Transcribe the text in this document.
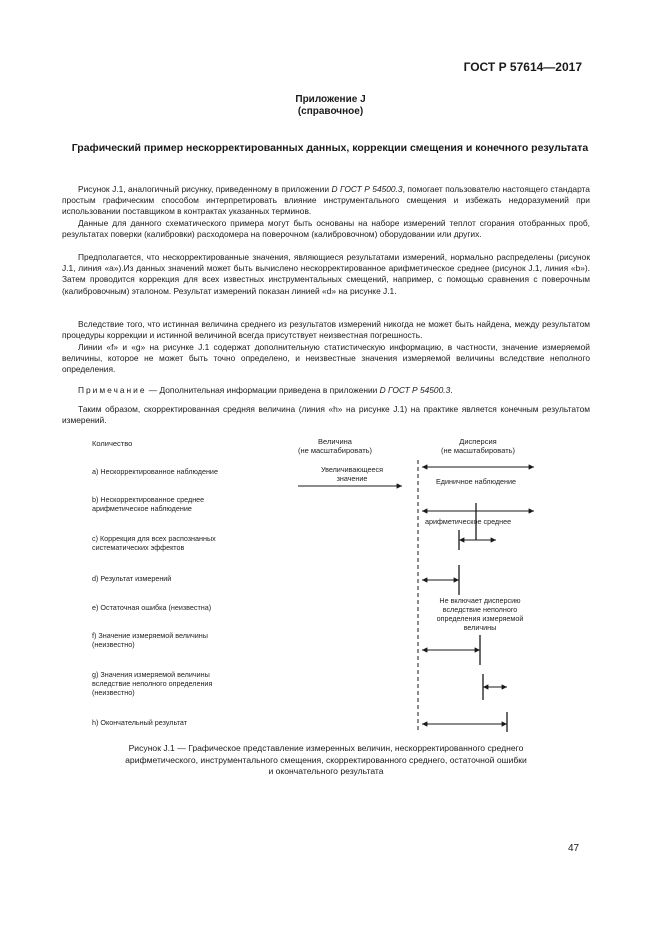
ГОСТ Р 57614—2017
Приложение J
(справочное)
Графический пример нескорректированных данных, коррекции смещения и конечного результата

Рисунок J.1, аналогичный рисунку, приведенному в приложении D ГОСТ Р 54500.3, помогает пользователю настоящего стандарта простым графическим способом интерпретировать влияние инструментального смещения и избежать недоразумений при использовании поставщиком в контрактах указанных терминов.

Данные для данного схематического примера могут быть основаны на наборе измерений теплот сгорания отобранных проб, результатах поверки (калибровки) расходомера на поверочном (калибровочном) оборудовании или других.

Предполагается, что нескорректированные значения, являющиеся результатами измерений, нормально распределены (рисунок J.1, линия «а»).Из данных значений может быть вычислено нескорректированное арифметическое среднее (рисунок J.1, линия «b»). Затем проводится коррекция для всех известных инструментальных смещений, например, с помощью сравнения с поверочным (калибровочным) эталоном. Результат измерений показан линией «d» на рисунке J.1.

Вследствие того, что истинная величина среднего из результатов измерений никогда не может быть найдена, между результатом процедуры коррекции и истинной величиной всегда присутствует неизвестная погрешность.

Линии «f» и «g» на рисунке J.1 содержат дополнительную статистическую информацию, в частности, значение измеряемой величины, которое не может быть точно определено, и неизвестные значения измеряемой величины вследствие неполного определения.

Примечание — Дополнительная информации приведена в приложении D ГОСТ Р 54500.3.

Таким образом, скорректированная средняя величина (линия «h» на рисунке J.1) на практике является конечным результатом измерений.

Количество	Величина
(не масштабировать)
Дисперсия
(не масштабировать)
a) Нескорректированное наблюдение
b) Нескорректированное среднее
арифметическое наблюдение
c) Коррекция для всех распознанных
систематических эффектов
d) Результат измерений
e) Остаточная ошибка (неизвестна)
f) Значение измеряемой величины
(неизвестно)
g) Значения измеряемой величины
вследствие неполного определения
(неизвестно)
h) Окончательный результат
Увеличивающееся
значение	Единичное наблюдение
арифметическое среднее
Не включает дисперсию
вследствие неполного
определения измеряемой
величины
Рисунок J.1 — Графическое представление измеренных величин, нескорректированного среднего
арифметического, инструментального смещения, скорректированного среднего, остаточной ошибки
и окончательного результата
47
